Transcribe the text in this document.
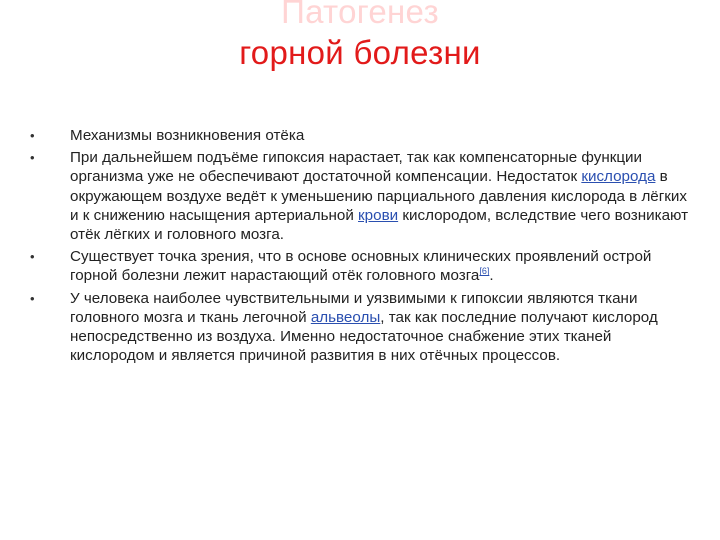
Патогенез
горной болезни
• Механизмы возникновения отёка
• При дальнейшем подъёме гипоксия нарастает, так как компенсаторные функции организма уже не обеспечивают достаточной компенсации. Недостаток кислорода в окружающем воздухе ведёт к уменьшению парциального давления кислорода в лёгких и к снижению насыщения артериальной крови кислородом, вследствие чего возникают отёк лёгких и головного мозга.
• Существует точка зрения, что в основе основных клинических проявлений острой горной болезни лежит нарастающий отёк головного мозга[6].
• У человека наиболее чувствительными и уязвимыми к гипоксии являются ткани головного мозга и ткань легочной альвеолы, так как последние получают кислород непосредственно из воздуха. Именно недостаточное снабжение этих тканей кислородом и является причиной развития в них отёчных процессов.
